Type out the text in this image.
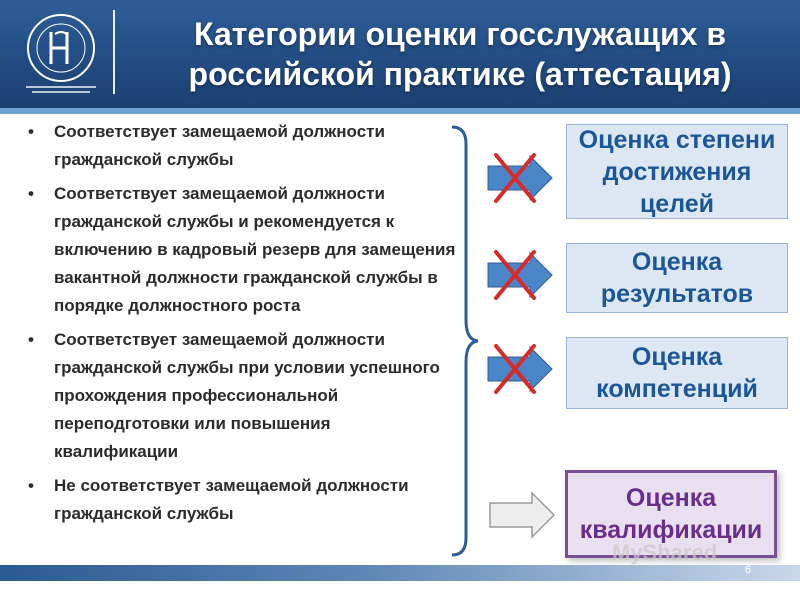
Категории оценки госслужащих в российской практике (аттестация)
• Соответствует замещаемой должности гражданской службы
• Соответствует замещаемой должности гражданской службы и рекомендуется к включению в кадровый резерв для замещения вакантной должности гражданской службы в порядке должностного роста
• Соответствует замещаемой должности гражданской службы при условии успешного прохождения профессиональной переподготовки или повышения квалификации
• Не соответствует замещаемой должности гражданской службы
Оценка степени достижения целей
Оценка результатов
Оценка компетенций
Оценка квалификации
MyShared
6
